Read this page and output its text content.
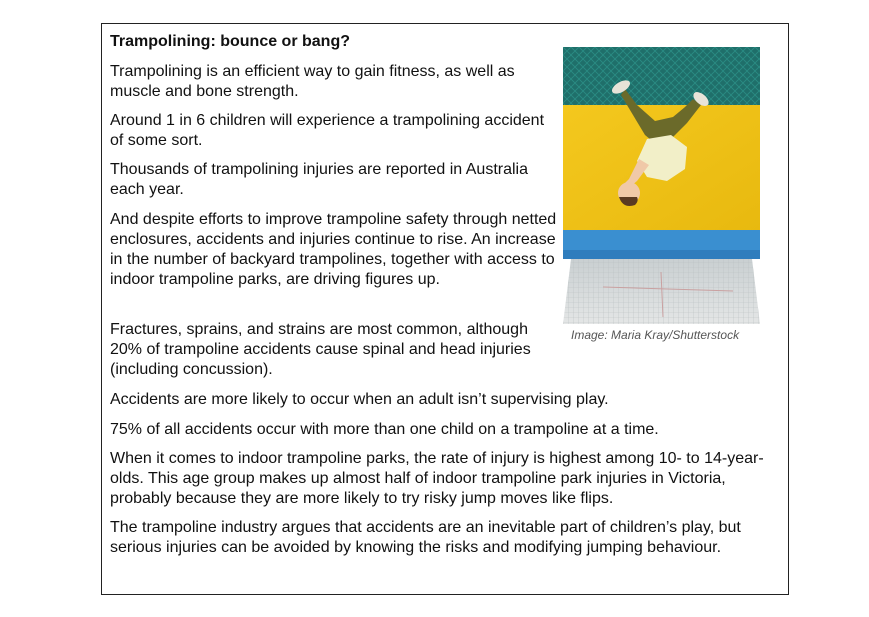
Trampolining: bounce or bang?

Trampolining is an efficient way to gain fitness, as well as muscle and bone strength.

Around 1 in 6 children will experience a trampolining accident of some sort.

Thousands of trampolining injuries are reported in Australia each year.

And despite efforts to improve trampoline safety through netted enclosures, accidents and injuries continue to rise. An increase in the number of backyard trampolines, together with access to indoor trampoline parks, are driving figures up.

Fractures, sprains, and strains are most common, although 20% of trampoline accidents cause spinal and head injuries (including concussion).

Accidents are more likely to occur when an adult isn’t supervising play.

75% of all accidents occur with more than one child on a trampoline at a time.

When it comes to indoor trampoline parks, the rate of injury is highest among 10- to 14-year-olds. This age group makes up almost half of indoor trampoline park injuries in Victoria, probably because they are more likely to try risky jump moves like flips.

The trampoline industry argues that accidents are an inevitable part of children’s play, but serious injuries can be avoided by knowing the risks and modifying jumping behaviour.

Image: Maria Kray/Shutterstock
